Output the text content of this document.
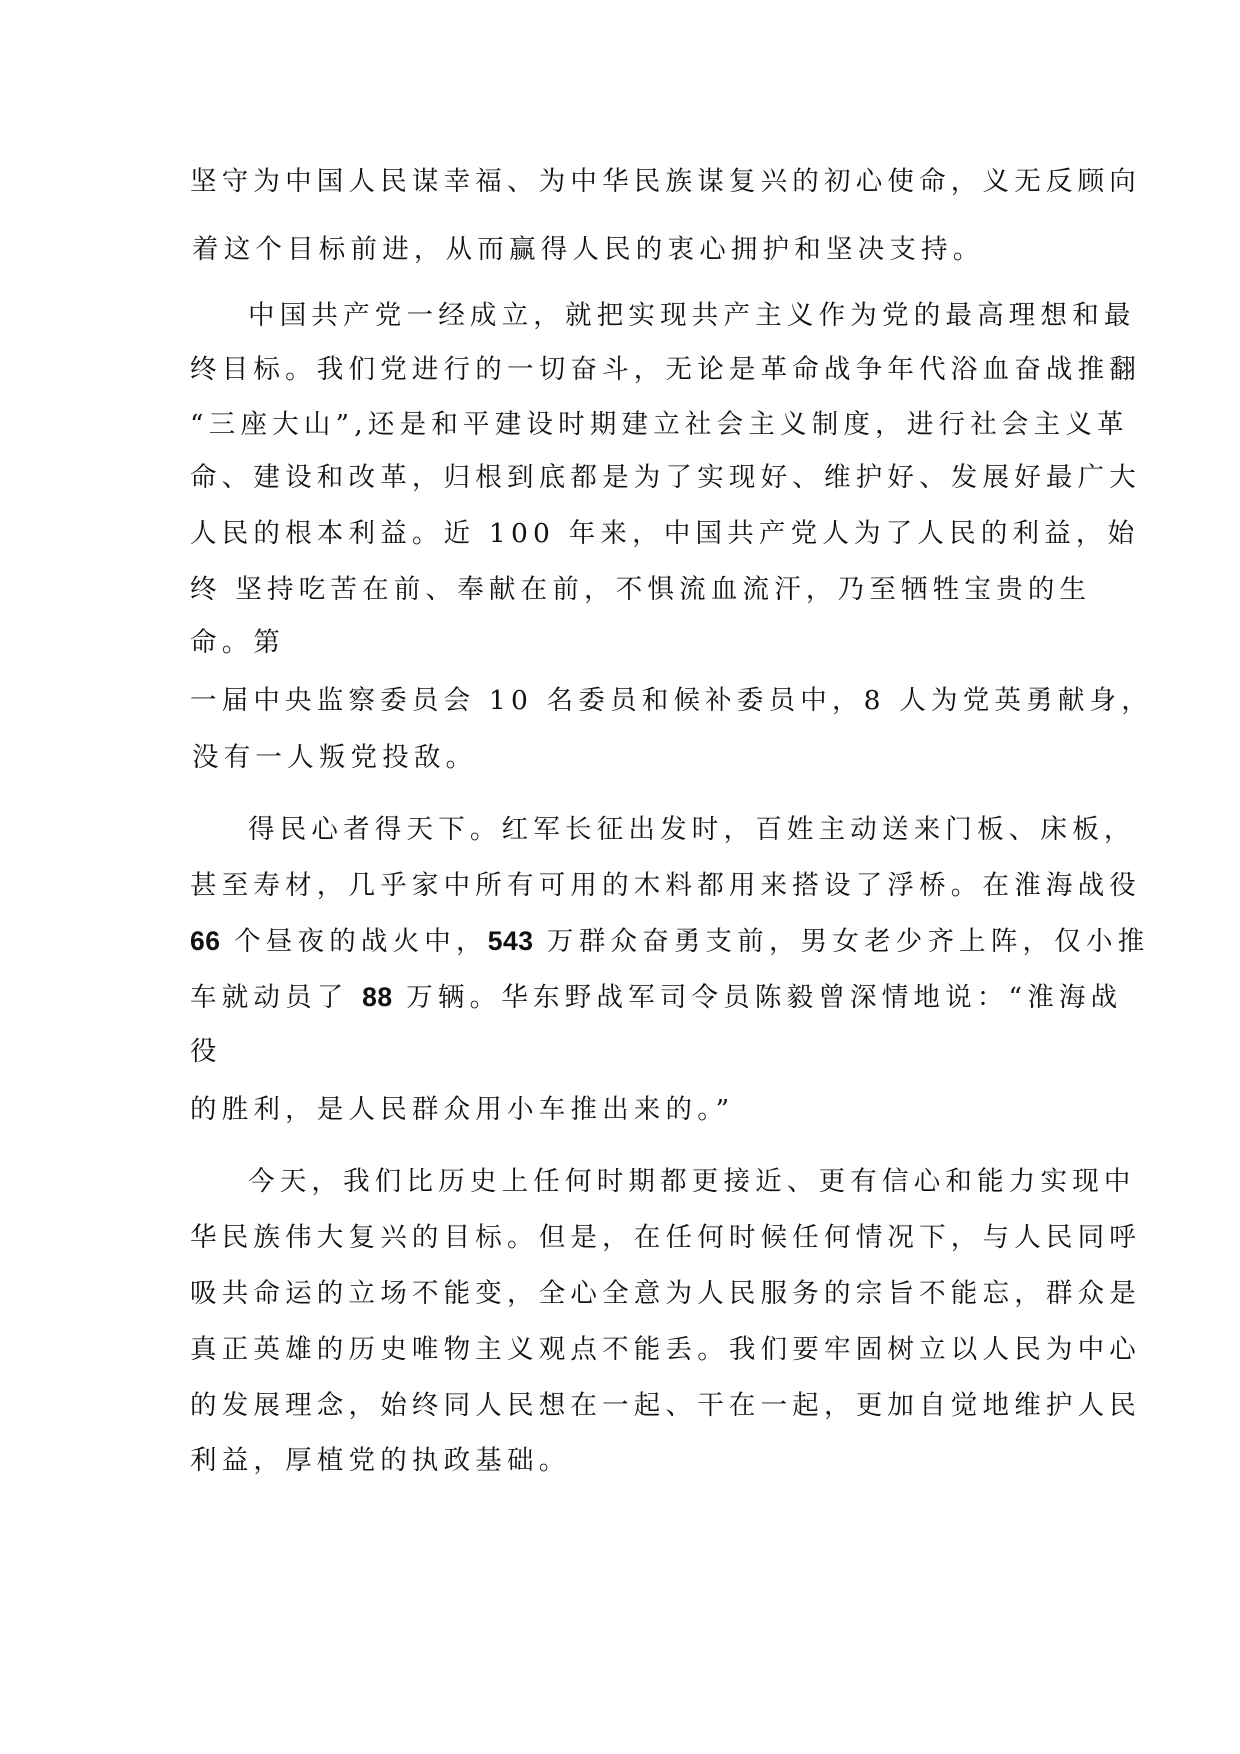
坚守为中国人民谋幸福、为中华民族谋复兴的初心使命，义无反顾向
着这个目标前进，从而赢得人民的衷心拥护和坚决支持。
中国共产党一经成立，就把实现共产主义作为党的最高理想和最
终目标。我们党进行的一切奋斗，无论是革命战争年代浴血奋战推翻
“三座大山”,还是和平建设时期建立社会主义制度，进行社会主义革
命、建设和改革，归根到底都是为了实现好、维护好、发展好最广大
人民的根本利益。近 100 年来，中国共产党人为了人民的利益，始
终 坚持吃苦在前、奉献在前，不惧流血流汗，乃至牺牲宝贵的生
命。第
一届中央监察委员会 10 名委员和候补委员中，8 人为党英勇献身，
没有一人叛党投敌。
得民心者得天下。红军长征出发时，百姓主动送来门板、床板，
甚至寿材，几乎家中所有可用的木料都用来搭设了浮桥。在淮海战役
66 个昼夜的战火中，543 万群众奋勇支前，男女老少齐上阵，仅小推
车就动员了 88 万辆。华东野战军司令员陈毅曾深情地说：“淮海战
役
的胜利，是人民群众用小车推出来的。”
今天，我们比历史上任何时期都更接近、更有信心和能力实现中
华民族伟大复兴的目标。但是，在任何时候任何情况下，与人民同呼
吸共命运的立场不能变，全心全意为人民服务的宗旨不能忘，群众是
真正英雄的历史唯物主义观点不能丢。我们要牢固树立以人民为中心
的发展理念，始终同人民想在一起、干在一起，更加自觉地维护人民
利益，厚植党的执政基础。
